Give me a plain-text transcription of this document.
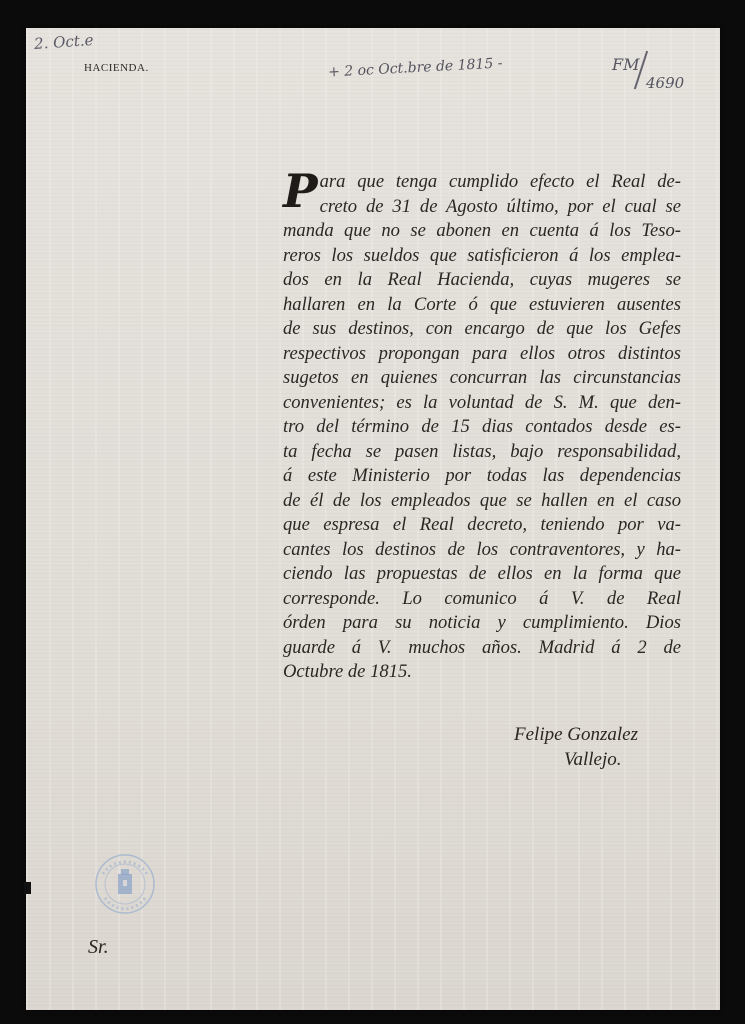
2. Oct.e
HACIENDA.	+ 2 oc Oct.bre de 1815 -	FM
4690
P ara que tenga cumplido efecto el Real de-
creto de 31 de Agosto último, por el cual se
manda que no se abonen en cuenta á los Teso-
reros los sueldos que satisficieron á los emplea-
dos en la Real Hacienda, cuyas mugeres se
hallaren en la Corte ó que estuvieren ausentes
de sus destinos, con encargo de que los Gefes
respectivos propongan para ellos otros distintos
sugetos en quienes concurran las circunstancias
convenientes; es la voluntad de S. M. que den-
tro del término de 15 dias contados desde es-
ta fecha se pasen listas, bajo responsabilidad,
á este Ministerio por todas las dependencias
de él de los empleados que se hallen en el caso
que espresa el Real decreto, teniendo por va-
cantes los destinos de los contraventores, y ha-
ciendo las propuestas de ellos en la forma que
corresponde. Lo comunico á V. de Real
órden para su noticia y cumplimiento. Dios
guarde á V. muchos años. Madrid á 2 de
Octubre de 1815.
Felipe Gonzalez
Vallejo.
Sr.
